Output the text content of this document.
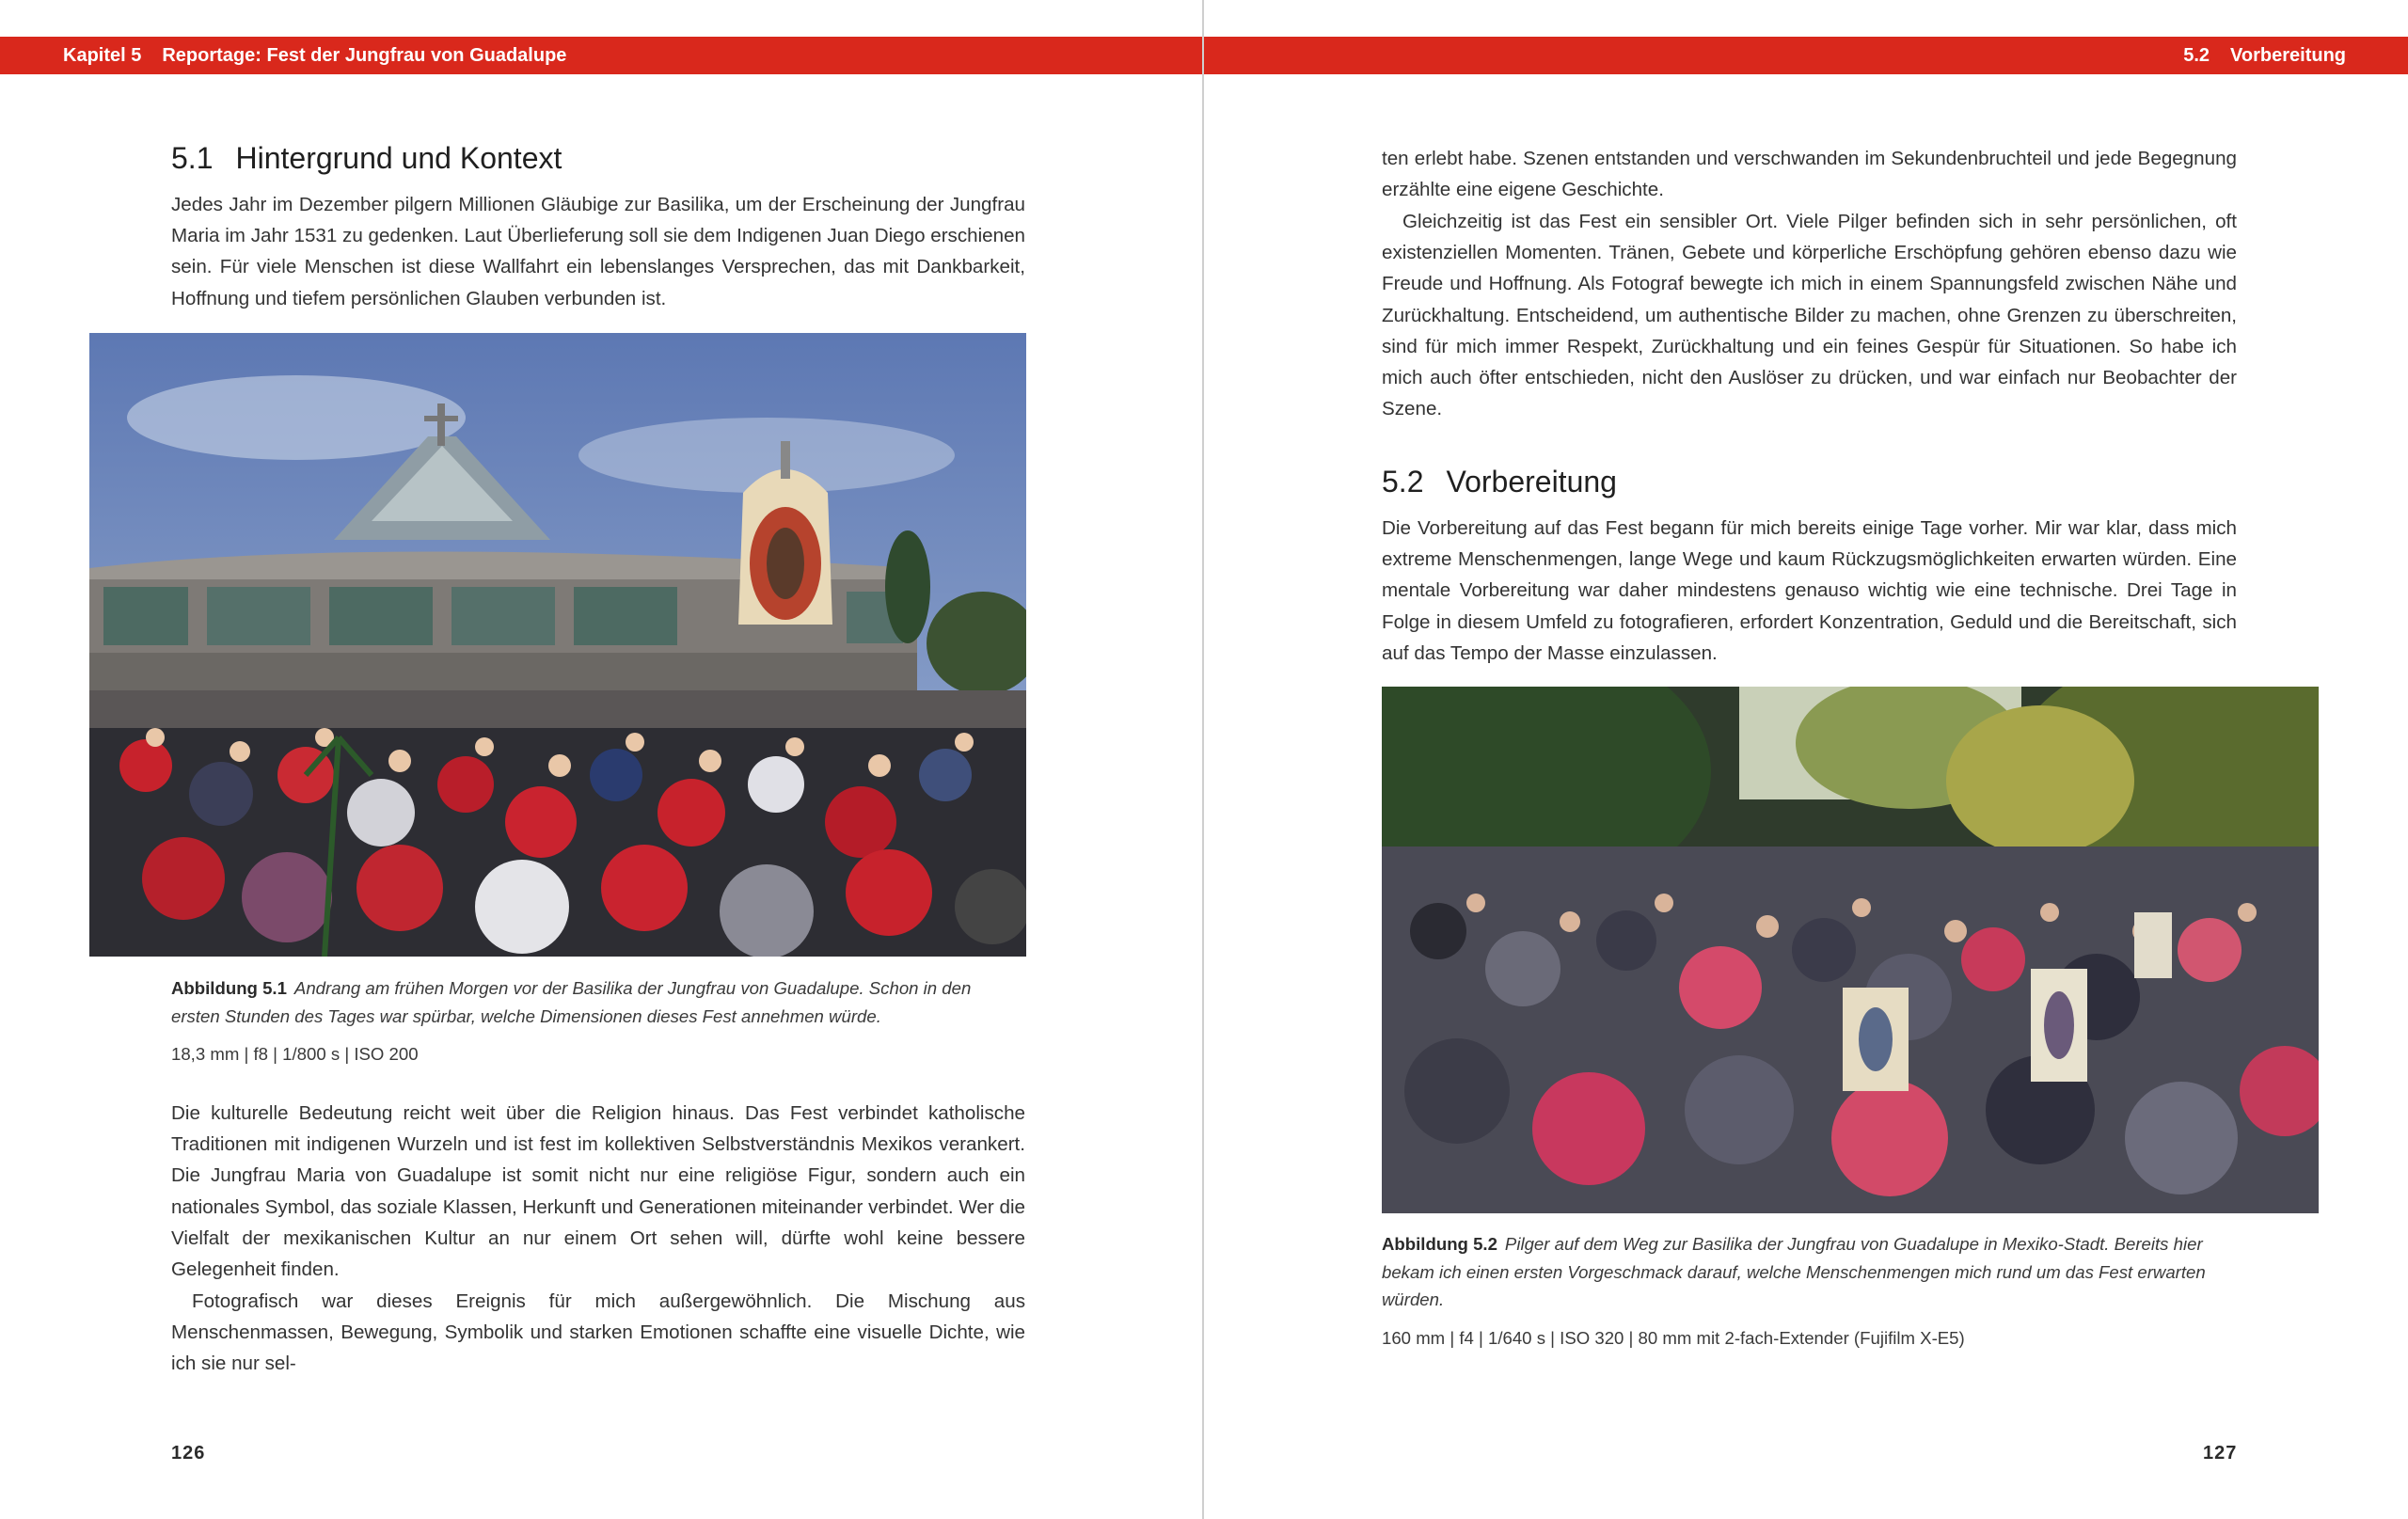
Kapitel 5 Reportage: Fest der Jungfrau von Guadalupe	5.2 Vorbereitung
5.1 Hintergrund und Kontext

Jedes Jahr im Dezember pilgern Millionen Gläubige zur Basilika, um der Erscheinung der Jungfrau Maria im Jahr 1531 zu gedenken. Laut Überlieferung soll sie dem Indigenen Juan Diego erschienen sein. Für viele Menschen ist diese Wallfahrt ein lebenslanges Versprechen, das mit Dankbarkeit, Hoffnung und tiefem persönlichen Glauben verbunden ist.

Abbildung 5.1 Andrang am frühen Morgen vor der Basilika der Jungfrau von Guadalupe. Schon in den ersten Stunden des Tages war spürbar, welche Dimensionen dieses Fest annehmen würde.

18,3 mm | f8 | 1/800 s | ISO 200

Die kulturelle Bedeutung reicht weit über die Religion hinaus. Das Fest verbindet katholische Traditionen mit indigenen Wurzeln und ist fest im kollektiven Selbstverständnis Mexikos verankert. Die Jungfrau Maria von Guadalupe ist somit nicht nur eine religiöse Figur, sondern auch ein nationales Symbol, das soziale Klassen, Herkunft und Generationen miteinander verbindet. Wer die Vielfalt der mexikanischen Kultur an nur einem Ort sehen will, dürfte wohl keine bessere Gelegenheit finden.

Fotografisch war dieses Ereignis für mich außergewöhnlich. Die Mischung aus Menschenmassen, Bewegung, Symbolik und starken Emotionen schaffte eine visuelle Dichte, wie ich sie nur sel-

126

ten erlebt habe. Szenen entstanden und verschwanden im Sekundenbruchteil und jede Begegnung erzählte eine eigene Geschichte.

Gleichzeitig ist das Fest ein sensibler Ort. Viele Pilger befinden sich in sehr persönlichen, oft existenziellen Momenten. Tränen, Gebete und körperliche Erschöpfung gehören ebenso dazu wie Freude und Hoffnung. Als Fotograf bewegte ich mich in einem Spannungsfeld zwischen Nähe und Zurückhaltung. Entscheidend, um authentische Bilder zu machen, ohne Grenzen zu überschreiten, sind für mich immer Respekt, Zurückhaltung und ein feines Gespür für Situationen. So habe ich mich auch öfter entschieden, nicht den Auslöser zu drücken, und war einfach nur Beobachter der Szene.

5.2 Vorbereitung

Die Vorbereitung auf das Fest begann für mich bereits einige Tage vorher. Mir war klar, dass mich extreme Menschenmengen, lange Wege und kaum Rückzugsmöglichkeiten erwarten würden. Eine mentale Vorbereitung war daher mindestens genauso wichtig wie eine technische. Drei Tage in Folge in diesem Umfeld zu fotografieren, erfordert Konzentration, Geduld und die Bereitschaft, sich auf das Tempo der Masse einzulassen.

Abbildung 5.2 Pilger auf dem Weg zur Basilika der Jungfrau von Guadalupe in Mexiko-Stadt. Bereits hier bekam ich einen ersten Vorgeschmack darauf, welche Menschenmengen mich rund um das Fest erwarten würden.

160 mm | f4 | 1/640 s | ISO 320 | 80 mm mit 2-fach-Extender (Fujifilm X-E5)
127
